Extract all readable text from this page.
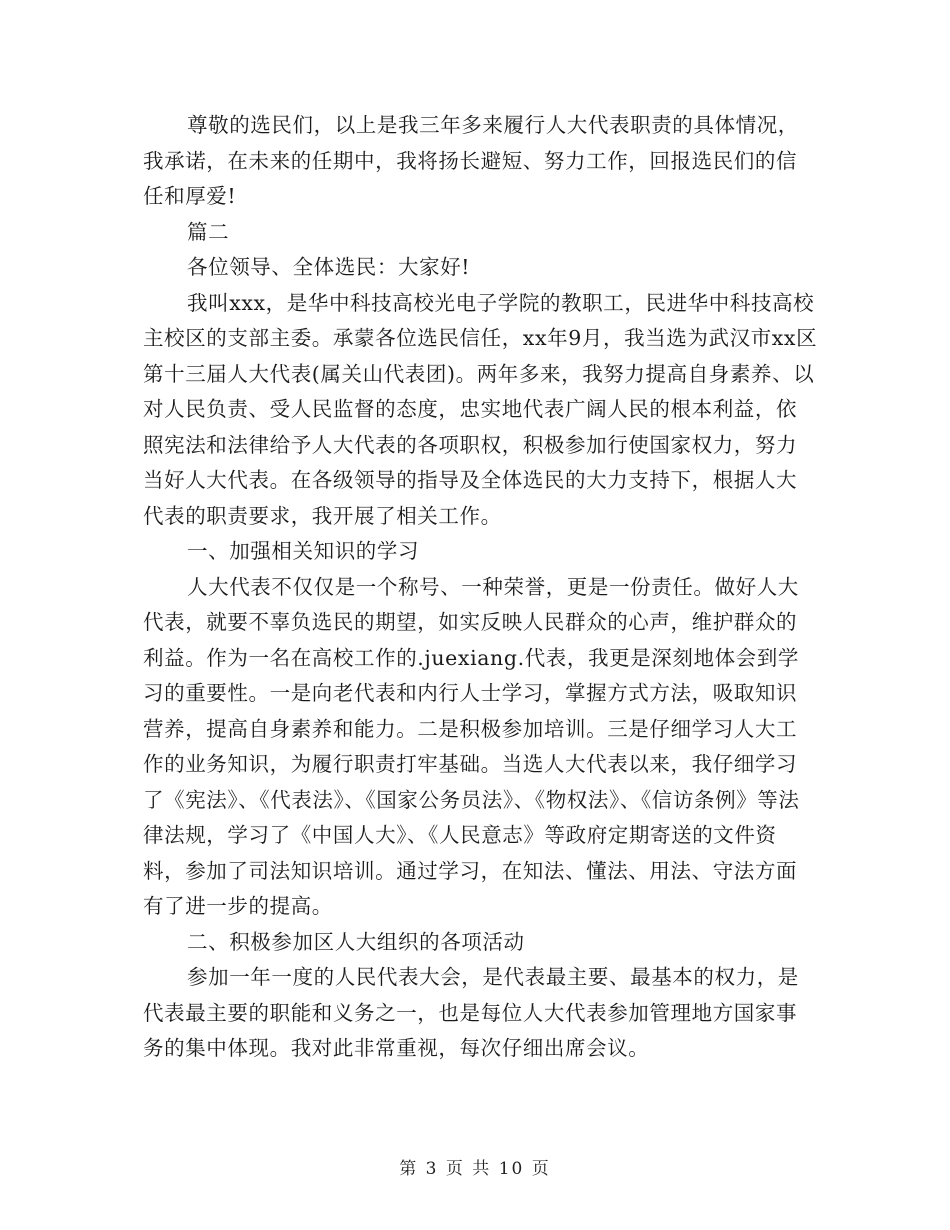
尊敬的选民们，以上是我三年多来履行人大代表职责的具体情况，我承诺，在未来的任期中，我将扬长避短、努力工作，回报选民们的信任和厚爱!

篇二

各位领导、全体选民：大家好!

我叫xxx，是华中科技高校光电子学院的教职工，民进华中科技高校主校区的支部主委。承蒙各位选民信任，xx年9月，我当选为武汉市xx区第十三届人大代表(属关山代表团)。两年多来，我努力提高自身素养、以对人民负责、受人民监督的态度，忠实地代表广阔人民的根本利益，依照宪法和法律给予人大代表的各项职权，积极参加行使国家权力，努力当好人大代表。在各级领导的指导及全体选民的大力支持下，根据人大代表的职责要求，我开展了相关工作。

一、加强相关知识的学习

人大代表不仅仅是一个称号、一种荣誉，更是一份责任。做好人大代表，就要不辜负选民的期望，如实反映人民群众的心声，维护群众的利益。作为一名在高校工作的.juexiang.代表，我更是深刻地体会到学习的重要性。一是向老代表和内行人士学习，掌握方式方法，吸取知识营养，提高自身素养和能力。二是积极参加培训。三是仔细学习人大工作的业务知识，为履行职责打牢基础。当选人大代表以来，我仔细学习了《宪法》、《代表法》、《国家公务员法》、《物权法》、《信访条例》等法律法规，学习了《中国人大》、《人民意志》等政府定期寄送的文件资料，参加了司法知识培训。通过学习，在知法、懂法、用法、守法方面有了进一步的提高。

二、积极参加区人大组织的各项活动

参加一年一度的人民代表大会，是代表最主要、最基本的权力，是代表最主要的职能和义务之一，也是每位人大代表参加管理地方国家事务的集中体现。我对此非常重视，每次仔细出席会议。

第 3 页 共 10 页
